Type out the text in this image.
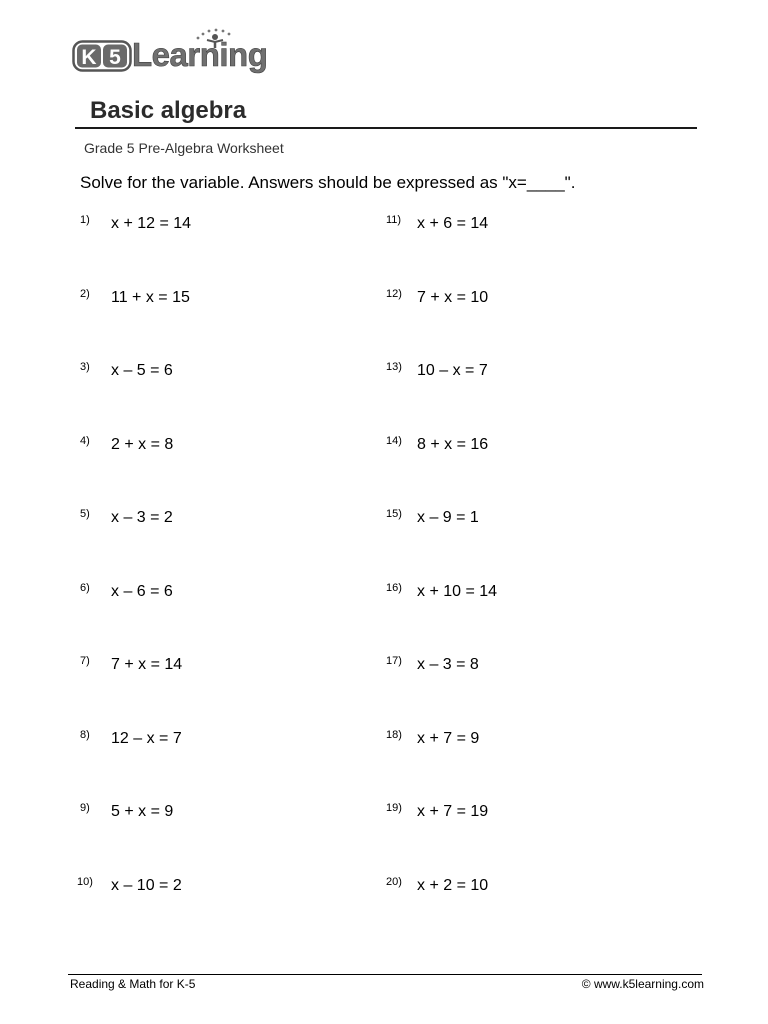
K 5 Learning
Basic algebra
Grade 5 Pre-Algebra Worksheet
Solve for the variable. Answers should be expressed as "x=____".
1)	x + 12 = 14
2)	11 + x = 15
3)	x – 5 = 6
4)	2 + x = 8
5)	x – 3 = 2
6)	x – 6 = 6
7)	7 + x = 14
8)	12 – x = 7
9)	5 + x = 9
10)	x – 10 = 2
11) x + 6 = 14
12) 7 + x = 10
13) 10 – x = 7
14) 8 + x = 16
15) x – 9 = 1
16) x + 10 = 14
17) x – 3 = 8
18) x + 7 = 9
19) x + 7 = 19
20) x + 2 = 10
Reading & Math for K-5	© www.k5learning.com
